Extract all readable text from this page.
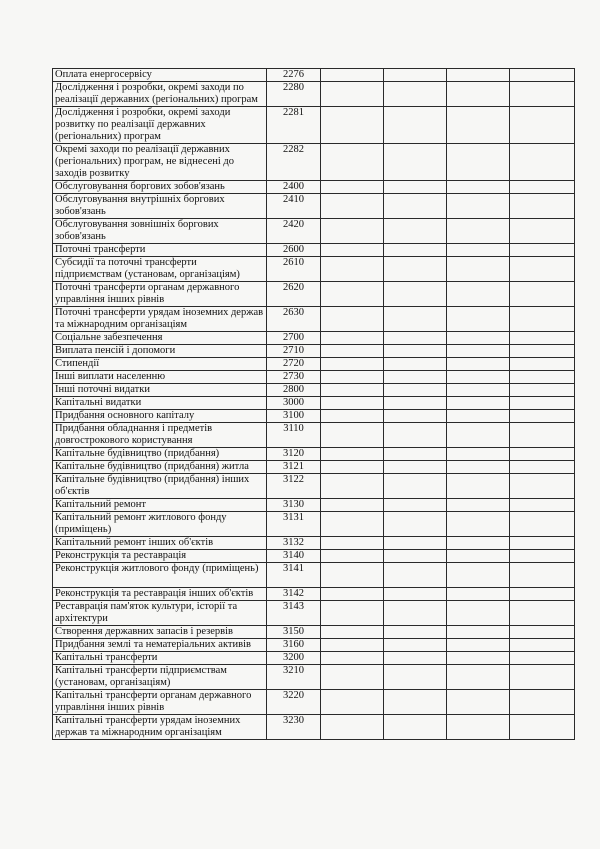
Оплата енергосервісу	2276				
Дослідження і розробки, окремі заходи по реалізації державних (регіональних) програм	2280				
Дослідження і розробки, окремі заходи розвитку по реалізації державних (регіональних) програм	2281				
Окремі заходи по реалізації державних (регіональних) програм, не віднесені до заходів розвитку	2282				
Обслуговування боргових зобов'язань	2400				
Обслуговування внутрішніх боргових зобов'язань	2410				
Обслуговування зовнішніх боргових зобов'язань	2420				
Поточні трансферти	2600				
Субсидії та поточні трансферти підприємствам (установам, організаціям)	2610				
Поточні трансферти органам державного управління інших рівнів	2620				
Поточні трансферти урядам іноземних держав та міжнародним організаціям	2630				
Соціальне забезпечення	2700				
Виплата пенсій і допомоги	2710				
Стипендії	2720				
Інші виплати населенню	2730				
Інші поточні видатки	2800				
Капітальні видатки	3000				
Придбання основного капіталу	3100				
Придбання обладнання і предметів довгострокового користування	3110				
Капітальне будівництво (придбання)	3120				
Капітальне будівництво (придбання) житла	3121				
Капітальне будівництво (придбання) інших об'єктів	3122				
Капітальний ремонт	3130				
Капітальний ремонт житлового фонду (приміщень)	3131				
Капітальний ремонт інших об'єктів	3132				
Реконструкція та реставрація	3140				
Реконструкція житлового фонду (приміщень)	3141				
Реконструкція та реставрація інших об'єктів	3142				
Реставрація пам'яток культури, історії та архітектури	3143				
Створення державних запасів і резервів	3150				
Придбання землі та нематеріальних активів	3160				
Капітальні трансферти	3200				
Капітальні трансферти підприємствам (установам, організаціям)	3210				
Капітальні трансферти органам державного управління інших рівнів	3220				
Капітальні трансферти урядам іноземних держав та міжнародним організаціям	3230				
